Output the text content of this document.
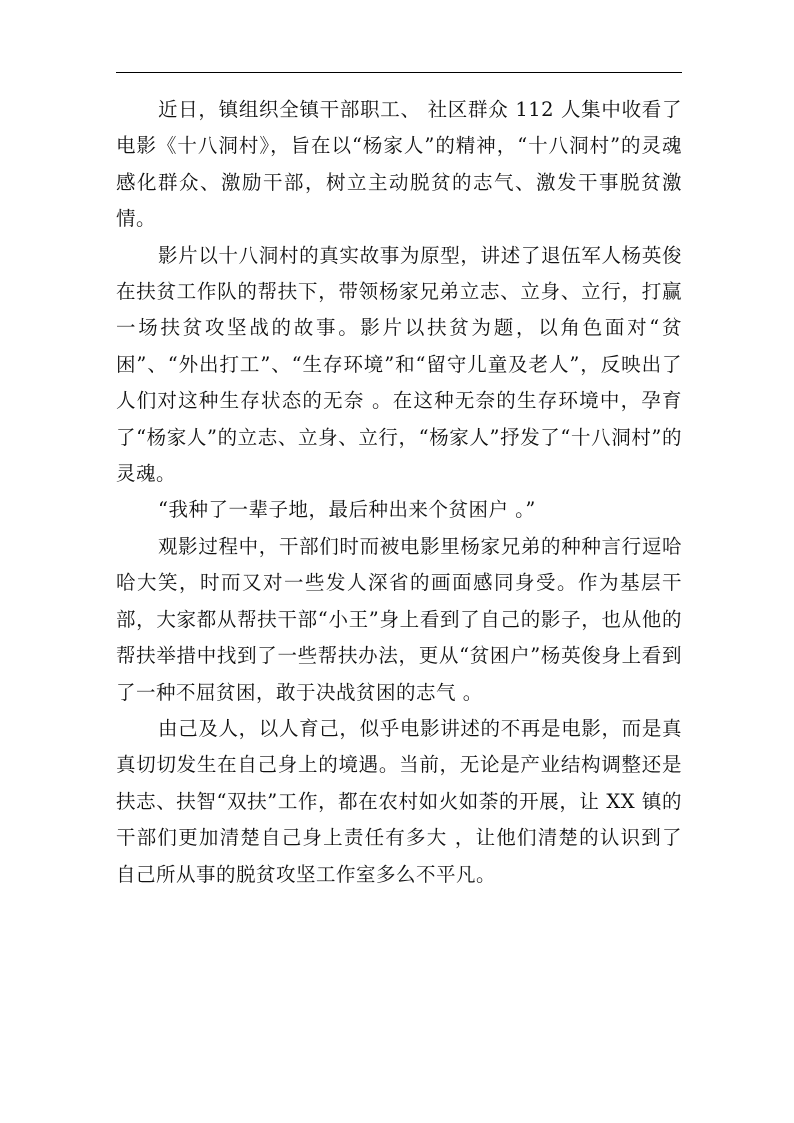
近日，镇组织全镇干部职工、 社区群众 112 人集中收看了电影《十八洞村》，旨在以“杨家人”的精神，“十八洞村”的灵魂感化群众、激励干部，树立主动脱贫的志气、激发干事脱贫激情。

影片以十八洞村的真实故事为原型，讲述了退伍军人杨英俊在扶贫工作队的帮扶下，带领杨家兄弟立志、立身、立行，打赢一场扶贫攻坚战的故事。影片以扶贫为题，以角色面对“贫困”、“外出打工”、“生存环境”和“留守儿童及老人”，反映出了人们对这种生存状态的无奈 。在这种无奈的生存环境中，孕育了“杨家人”的立志、立身、立行，“杨家人”抒发了“十八洞村”的灵魂。

“我种了一辈子地，最后种出来个贫困户 。”

观影过程中，干部们时而被电影里杨家兄弟的种种言行逗哈哈大笑，时而又对一些发人深省的画面感同身受。作为基层干部，大家都从帮扶干部“小王”身上看到了自己的影子，也从他的帮扶举措中找到了一些帮扶办法，更从“贫困户”杨英俊身上看到了一种不屈贫困，敢于决战贫困的志气 。

由己及人，以人育己，似乎电影讲述的不再是电影，而是真真切切发生在自己身上的境遇。当前，无论是产业结构调整还是扶志、扶智“双扶”工作，都在农村如火如荼的开展，让 XX 镇的干部们更加清楚自己身上责任有多大 ，让他们清楚的认识到了自己所从事的脱贫攻坚工作室多么不平凡。
